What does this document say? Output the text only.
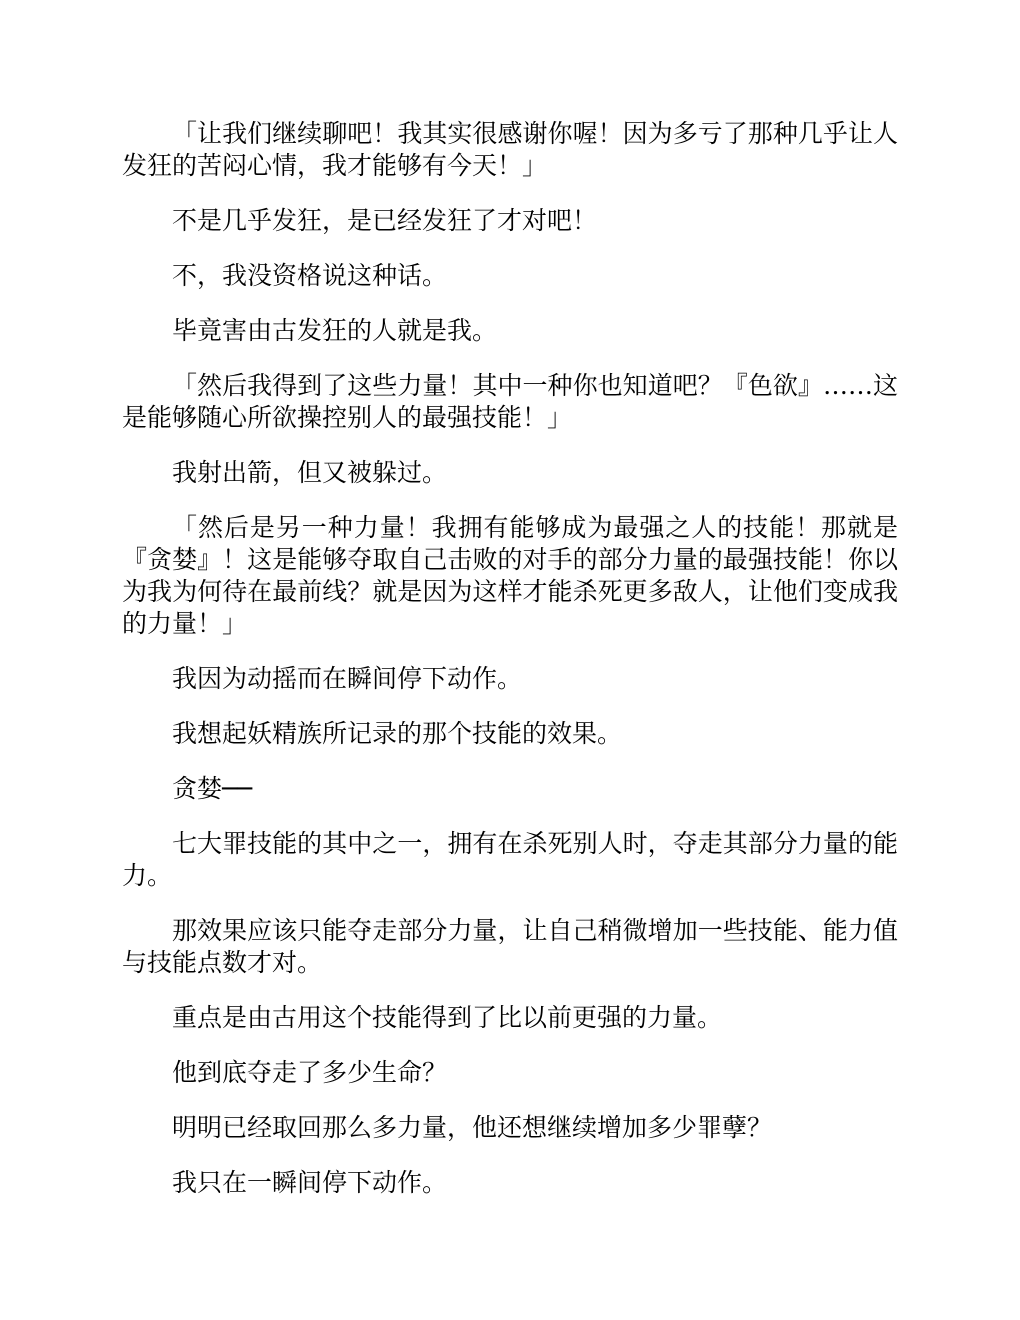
「让我们继续聊吧！我其实很感谢你喔！因为多亏了那种几乎让人发狂的苦闷心情，我才能够有今天！」

不是几乎发狂，是已经发狂了才对吧！

不，我没资格说这种话。

毕竟害由古发狂的人就是我。

「然后我得到了这些力量！其中一种你也知道吧？『色欲』……这是能够随心所欲操控别人的最强技能！」

我射出箭，但又被躲过。

「然后是另一种力量！我拥有能够成为最强之人的技能！那就是『贪婪』！这是能够夺取自己击败的对手的部分力量的最强技能！你以为我为何待在最前线？就是因为这样才能杀死更多敌人，让他们变成我的力量！」

我因为动摇而在瞬间停下动作。

我想起妖精族所记录的那个技能的效果。

贪婪──

七大罪技能的其中之一，拥有在杀死别人时，夺走其部分力量的能力。

那效果应该只能夺走部分力量，让自己稍微增加一些技能、能力值与技能点数才对。

重点是由古用这个技能得到了比以前更强的力量。

他到底夺走了多少生命？

明明已经取回那么多力量，他还想继续增加多少罪孽？

我只在一瞬间停下动作。
